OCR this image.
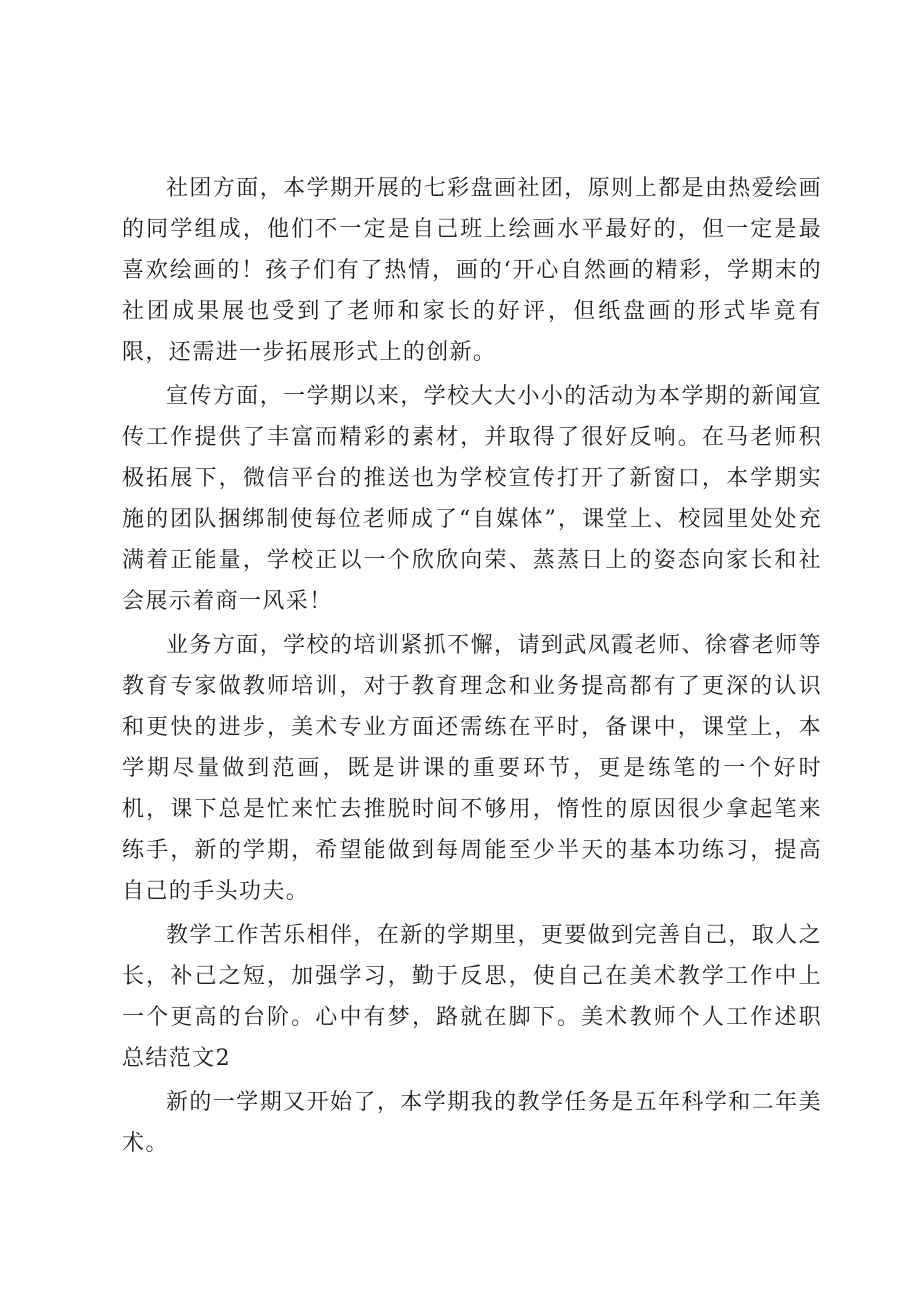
社团方面，本学期开展的七彩盘画社团，原则上都是由热爱绘画的同学组成，他们不一定是自己班上绘画水平最好的，但一定是最喜欢绘画的！孩子们有了热情，画的‘开心自然画的精彩，学期末的社团成果展也受到了老师和家长的好评，但纸盘画的形式毕竟有限，还需进一步拓展形式上的创新。

宣传方面，一学期以来，学校大大小小的活动为本学期的新闻宣传工作提供了丰富而精彩的素材，并取得了很好反响。在马老师积极拓展下，微信平台的推送也为学校宣传打开了新窗口，本学期实施的团队捆绑制使每位老师成了“自媒体”，课堂上、校园里处处充满着正能量，学校正以一个欣欣向荣、蒸蒸日上的姿态向家长和社会展示着商一风采！

业务方面，学校的培训紧抓不懈，请到武凤霞老师、徐睿老师等教育专家做教师培训，对于教育理念和业务提高都有了更深的认识和更快的进步，美术专业方面还需练在平时，备课中，课堂上，本学期尽量做到范画，既是讲课的重要环节，更是练笔的一个好时机，课下总是忙来忙去推脱时间不够用，惰性的原因很少拿起笔来练手，新的学期，希望能做到每周能至少半天的基本功练习，提高自己的手头功夫。

教学工作苦乐相伴，在新的学期里，更要做到完善自己，取人之长，补己之短，加强学习，勤于反思，使自己在美术教学工作中上一个更高的台阶。心中有梦，路就在脚下。美术教师个人工作述职总结范文2

新的一学期又开始了，本学期我的教学任务是五年科学和二年美术。
